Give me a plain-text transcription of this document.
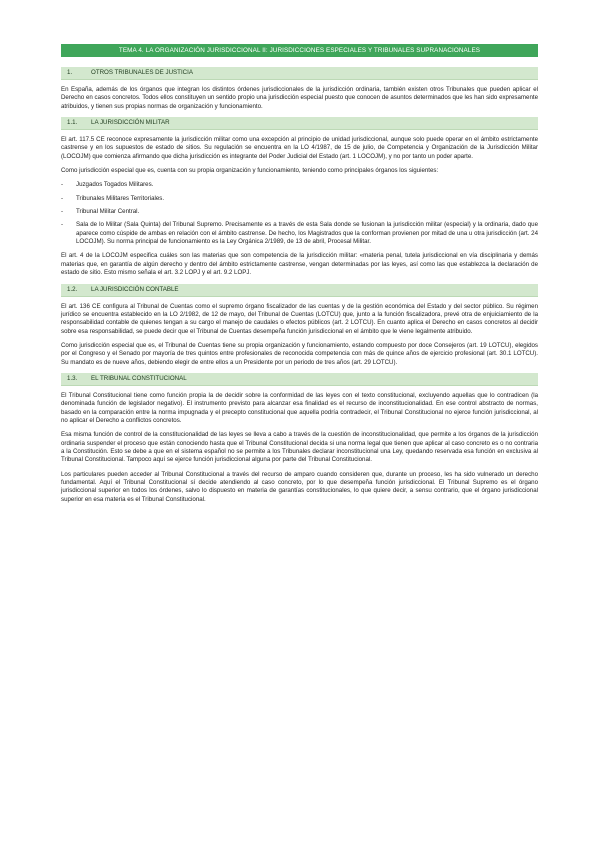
TEMA 4. LA ORGANIZACIÓN JURISDICCIONAL II: JURISDICCIONES ESPECIALES Y TRIBUNALES SUPRANACIONALES
1.	OTROS TRIBUNALES DE JUSTICIA

En España, además de los órganos que integran los distintos órdenes jurisdiccionales de la jurisdicción ordinaria, también existen otros Tribunales que pueden aplicar el Derecho en casos concretos. Todos ellos constituyen un sentido propio una jurisdicción especial puesto que conocen de asuntos determinados que les han sido expresamente atribuidos, y tienen sus propias normas de organización y funcionamiento.

1.1.	LA JURISDICCIÓN MILITAR

El art. 117.5 CE reconoce expresamente la jurisdicción militar como una excepción al principio de unidad jurisdiccional, aunque solo puede operar en el ámbito estrictamente castrense y en los supuestos de estado de sitios. Su regulación se encuentra en la LO 4/1987, de 15 de julio, de Competencia y Organización de la Jurisdicción Militar (LOCOJM) que comienza afirmando que dicha jurisdicción es integrante del Poder Judicial del Estado (art. 1 LOCOJM), y no por tanto un poder aparte.

Como jurisdicción especial que es, cuenta con su propia organización y funcionamiento, teniendo como principales órganos los siguientes:

- Juzgados Togados Militares.
- Tribunales Militares Territoriales.
- Tribunal Militar Central.
- Sala de lo Militar (Sala Quinta) del Tribunal Supremo. Precisamente es a través de esta Sala donde se fusionan la jurisdicción militar (especial) y la ordinaria, dado que aparece como cúspide de ambas en relación con el ámbito castrense. De hecho, los Magistrados que la conforman provienen por mitad de una u otra jurisdicción (art. 24 LOCOJM). Su norma principal de funcionamiento es la Ley Orgánica 2/1989, de 13 de abril, Procesal Militar.

El art. 4 de la LOCOJM especifica cuáles son las materias que son competencia de la jurisdicción militar: «materia penal, tutela jurisdiccional en vía disciplinaria y demás materias que, en garantía de algún derecho y dentro del ámbito estrictamente castrense, vengan determinadas por las leyes, así como las que establezca la declaración de estado de sitio. Esto mismo señala el art. 3.2 LOPJ y el art. 9.2 LOPJ.

1.2.	LA JURISDICCIÓN CONTABLE

El art. 136 CE configura al Tribunal de Cuentas como el supremo órgano fiscalizador de las cuentas y de la gestión económica del Estado y del sector público. Su régimen jurídico se encuentra establecido en la LO 2/1982, de 12 de mayo, del Tribunal de Cuentas (LOTCU) que, junto a la función fiscalizadora, prevé otra de enjuiciamiento de la responsabilidad contable de quienes tengan a su cargo el manejo de caudales o efectos públicos (art. 2 LOTCU). En cuanto aplica el Derecho en casos concretos al decidir sobre esa responsabilidad, se puede decir que el Tribunal de Cuentas desempeña función jurisdiccional en el ámbito que le viene legalmente atribuido.

Como jurisdicción especial que es, el Tribunal de Cuentas tiene su propia organización y funcionamiento, estando compuesto por doce Consejeros (art. 19 LOTCU), elegidos por el Congreso y el Senado por mayoría de tres quintos entre profesionales de reconocida competencia con más de quince años de ejercicio profesional (art. 30.1 LOTCU). Su mandato es de nueve años, debiendo elegir de entre ellos a un Presidente por un periodo de tres años (art. 29 LOTCU).

1.3.	EL TRIBUNAL CONSTITUCIONAL

El Tribunal Constitucional tiene como función propia la de decidir sobre la conformidad de las leyes con el texto constitucional, excluyendo aquellas que lo contradicen (la denominada función de legislador negativo). El instrumento previsto para alcanzar esa finalidad es el recurso de inconstitucionalidad. En ese control abstracto de normas, basado en la comparación entre la norma impugnada y el precepto constitucional que aquella podría contradecir, el Tribunal Constitucional no ejerce función jurisdiccional, al no aplicar el Derecho a conflictos concretos.

Esa misma función de control de la constitucionalidad de las leyes se lleva a cabo a través de la cuestión de inconstitucionalidad, que permite a los órganos de la jurisdicción ordinaria suspender el proceso que están conociendo hasta que el Tribunal Constitucional decida si una norma legal que tienen que aplicar al caso concreto es o no contraria a la Constitución. Esto se debe a que en el sistema español no se permite a los Tribunales declarar inconstitucional una Ley, quedando reservada esa función en exclusiva al Tribunal Constitucional. Tampoco aquí se ejerce función jurisdiccional alguna por parte del Tribunal Constitucional.

Los particulares pueden acceder al Tribunal Constitucional a través del recurso de amparo cuando consideren que, durante un proceso, les ha sido vulnerado un derecho fundamental. Aquí el Tribunal Constitucional sí decide atendiendo al caso concreto, por lo que desempeña función jurisdiccional. El Tribunal Supremo es el órgano jurisdiccional superior en todos los órdenes, salvo lo dispuesto en materia de garantías constitucionales, lo que quiere decir, a sensu contrario, que el órgano jurisdiccional superior en esa materia es el Tribunal Constitucional.
